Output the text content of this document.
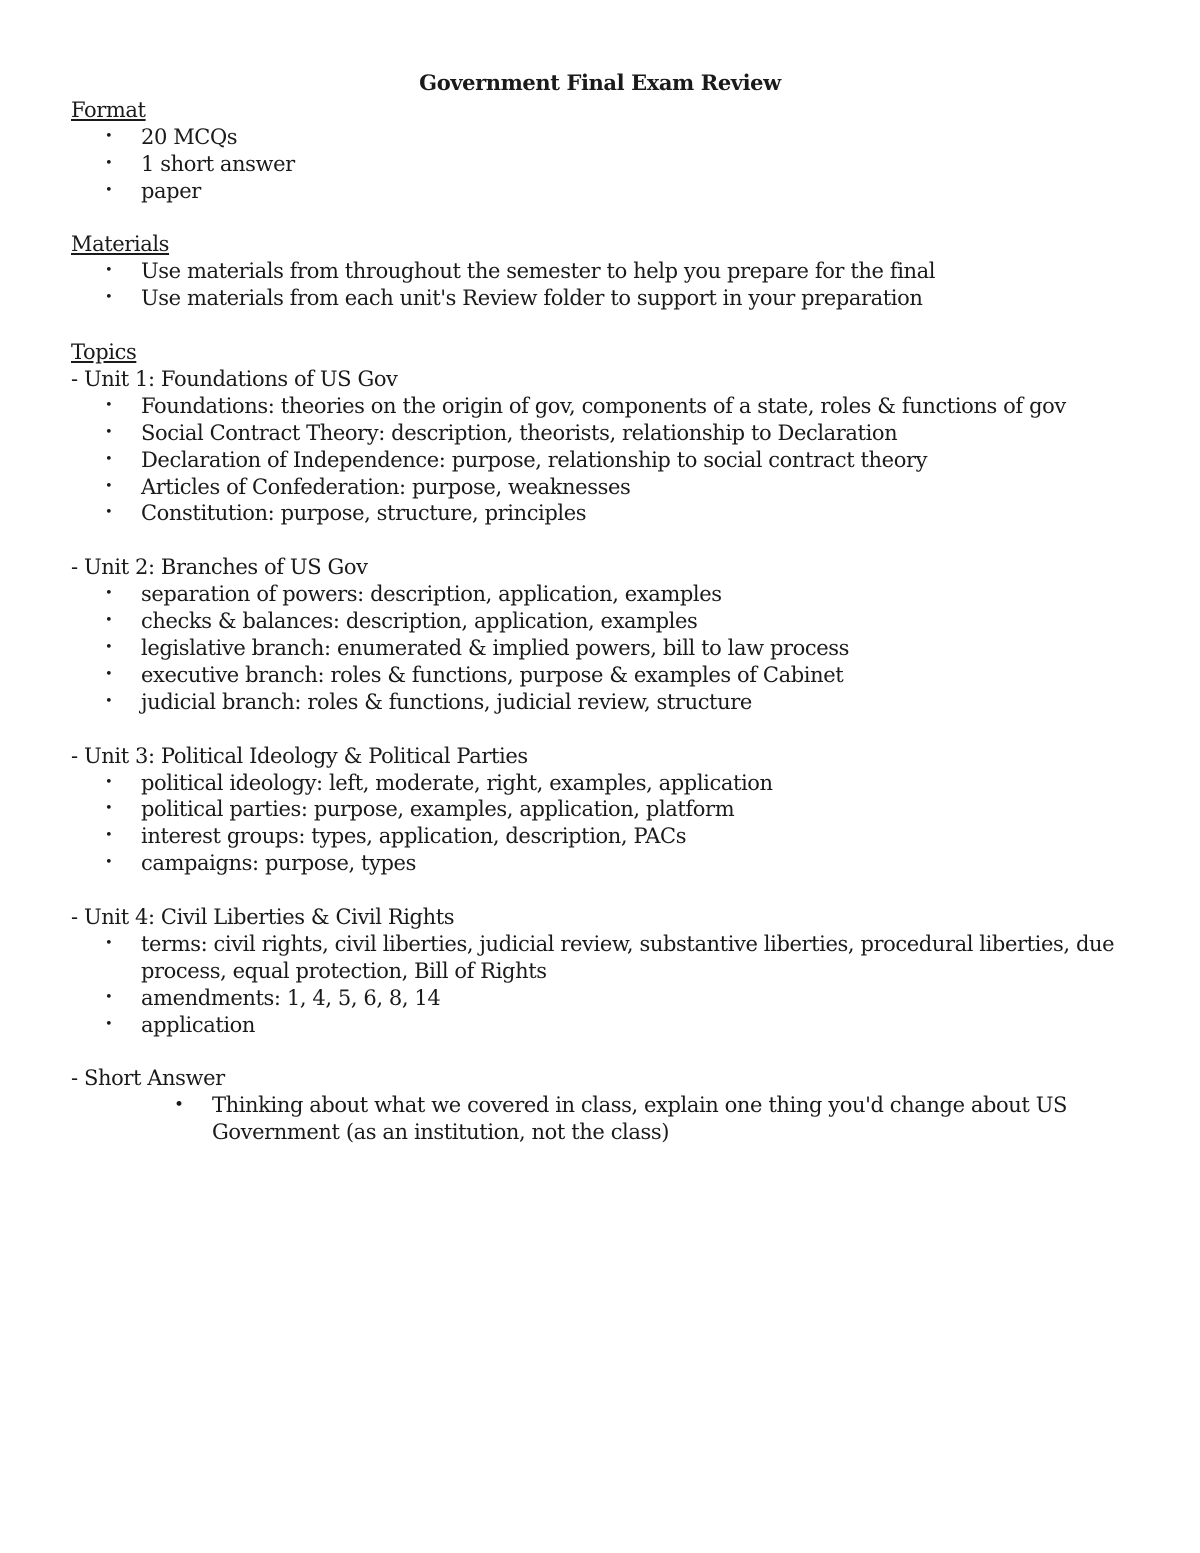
Government Final Exam Review

Format

• 20 MCQs
• 1 short answer
• paper

Materials

• Use materials from throughout the semester to help you prepare for the final
• Use materials from each unit's Review folder to support in your preparation

Topics

- Unit 1: Foundations of US Gov

• Foundations: theories on the origin of gov, components of a state, roles & functions of gov
• Social Contract Theory: description, theorists, relationship to Declaration
• Declaration of Independence: purpose, relationship to social contract theory
• Articles of Confederation: purpose, weaknesses
• Constitution: purpose, structure, principles

- Unit 2: Branches of US Gov

• separation of powers: description, application, examples
• checks & balances: description, application, examples
• legislative branch: enumerated & implied powers, bill to law process
• executive branch: roles & functions, purpose & examples of Cabinet
• judicial branch: roles & functions, judicial review, structure

- Unit 3: Political Ideology & Political Parties

• political ideology: left, moderate, right, examples, application
• political parties: purpose, examples, application, platform
• interest groups: types, application, description, PACs
• campaigns: purpose, types

- Unit 4: Civil Liberties & Civil Rights

• terms: civil rights, civil liberties, judicial review, substantive liberties, procedural liberties, due process, equal protection, Bill of Rights
• amendments: 1, 4, 5, 6, 8, 14
• application

- Short Answer

• Thinking about what we covered in class, explain one thing you'd change about US Government (as an institution, not the class)
